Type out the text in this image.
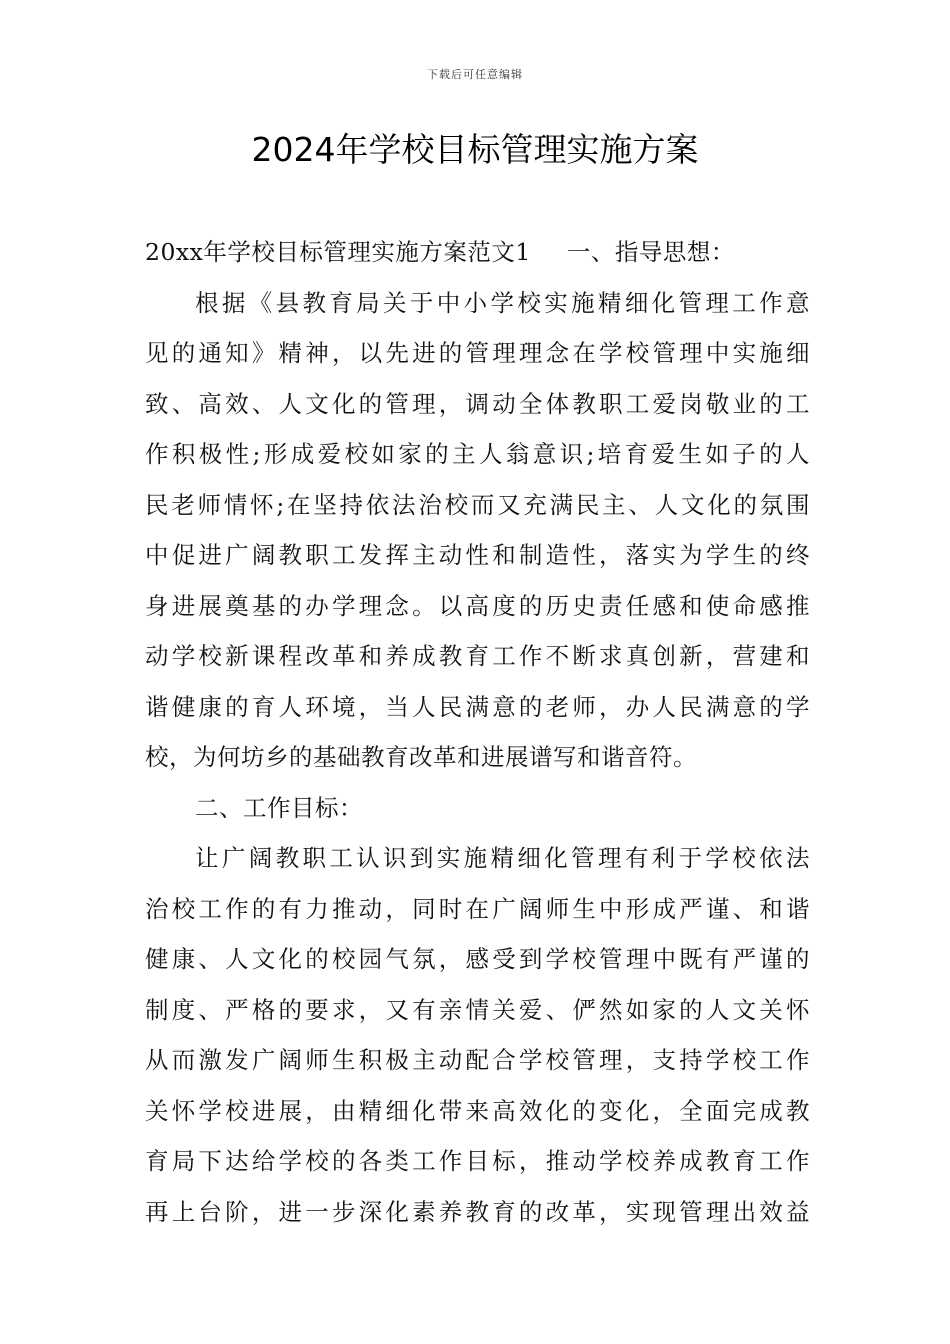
下载后可任意编辑
2024年学校目标管理实施方案
20xx年学校目标管理实施方案范文1 一、指导思想：
根据《县教育局关于中小学校实施精细化管理工作意
见的通知》精神，以先进的管理理念在学校管理中实施细
致、高效、人文化的管理，调动全体教职工爱岗敬业的工
作积极性;形成爱校如家的主人翁意识;培育爱生如子的人
民老师情怀;在坚持依法治校而又充满民主、人文化的氛围
中促进广阔教职工发挥主动性和制造性，落实为学生的终
身进展奠基的办学理念。以高度的历史责任感和使命感推
动学校新课程改革和养成教育工作不断求真创新，营建和
谐健康的育人环境，当人民满意的老师，办人民满意的学
校，为何坊乡的基础教育改革和进展谱写和谐音符。
二、工作目标：
让广阔教职工认识到实施精细化管理有利于学校依法
治校工作的有力推动，同时在广阔师生中形成严谨、和谐
健康、人文化的校园气氛，感受到学校管理中既有严谨的
制度、严格的要求，又有亲情关爱、俨然如家的人文关怀
从而激发广阔师生积极主动配合学校管理，支持学校工作
关怀学校进展，由精细化带来高效化的变化，全面完成教
育局下达给学校的各类工作目标，推动学校养成教育工作
再上台阶，进一步深化素养教育的改革，实现管理出效益
